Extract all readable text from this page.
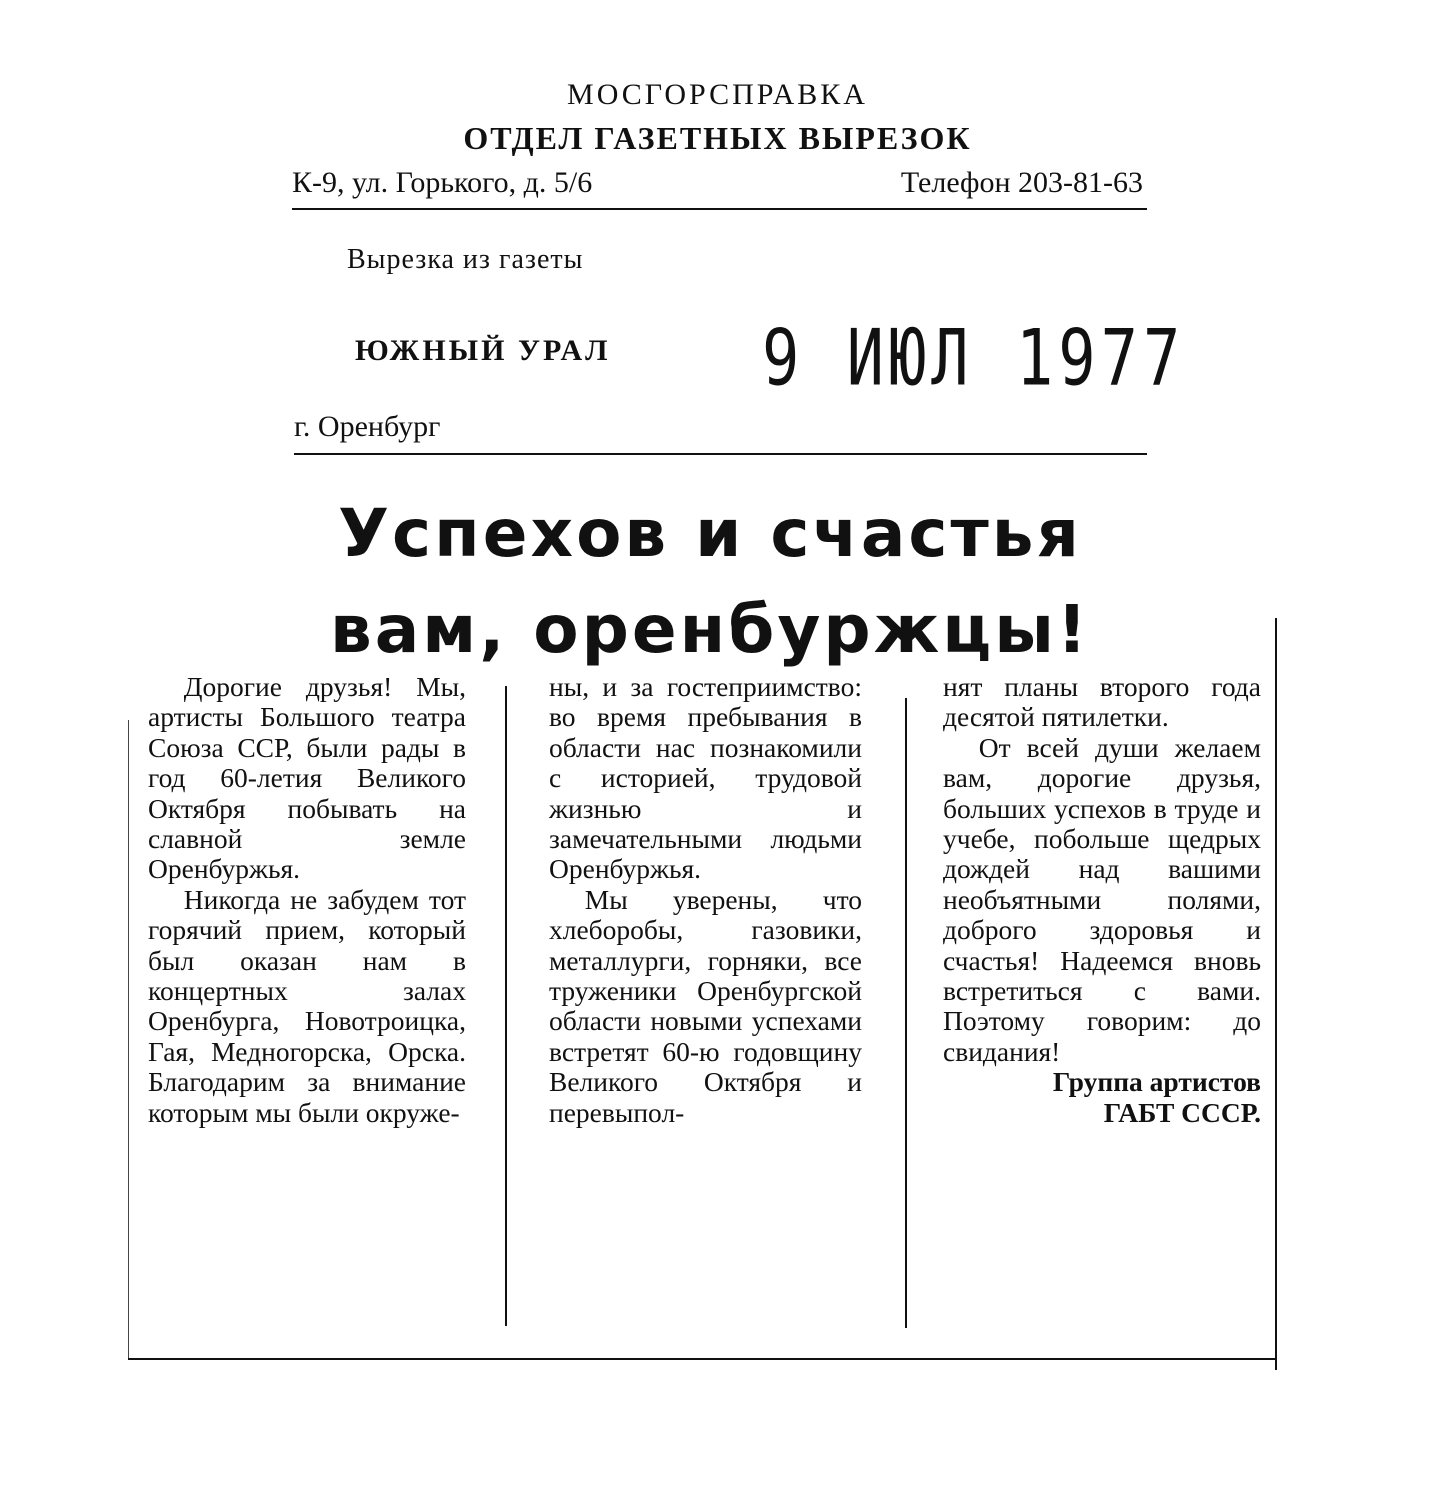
МОСГОРСПРАВКА
ОТДЕЛ ГАЗЕТНЫХ ВЫРЕЗОК
К-9, ул. Горького, д. 5/6	Телефон 203-81-63
Вырезка из газеты
ЮЖНЫЙ УРАЛ 9 ИЮЛ 1977
г. Оренбург
Успехов и счастья
вам, оренбуржцы!

Дорогие друзья! Мы, артисты Большого театра Союза ССР, были рады в год 60-летия Великого Октября побывать на славной земле Оренбуржья.

Никогда не забудем тот горячий прием, который был оказан нам в концертных залах Оренбурга, Новотроицка, Гая, Медногорска, Орска. Благодарим за внимание которым мы были окруже-

ны, и за гостеприимство: во время пребывания в области нас познакомили с историей, трудовой жизнью и замечательными людьми Оренбуржья.

Мы уверены, что хлеборобы, газовики, металлурги, горняки, все труженики Оренбургской области новыми успехами встретят 60-ю годовщину Великого Октября и перевыпол-

нят планы второго года десятой пятилетки.

От всей души желаем вам, дорогие друзья, больших успехов в труде и учебе, побольше щедрых дождей над вашими необъятными полями, доброго здоровья и счастья! Надеемся вновь встретиться с вами. Поэтому говорим: до свидания!

Группа артистов
ГАБТ СССР.
